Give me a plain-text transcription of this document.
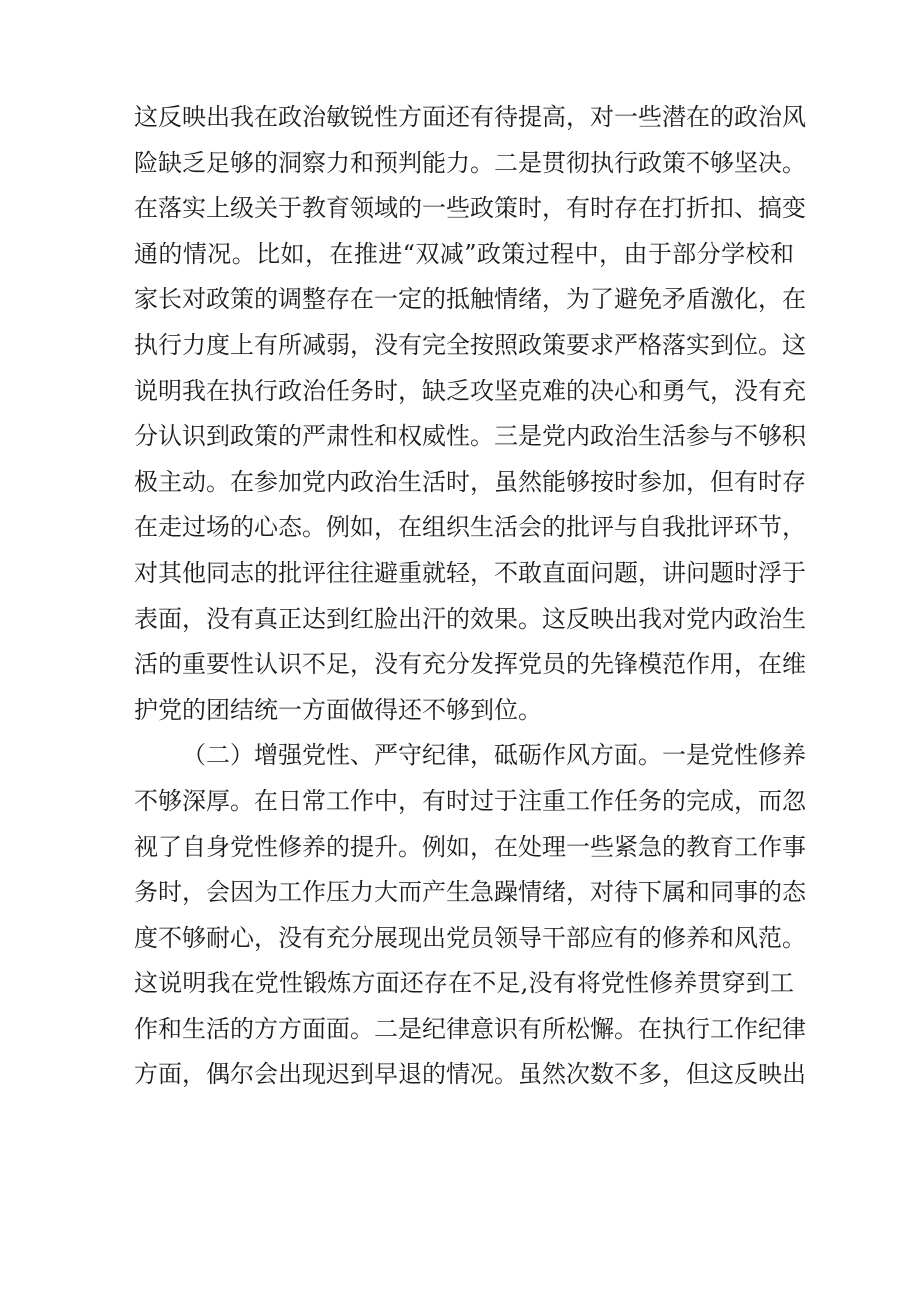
这反映出我在政治敏锐性方面还有待提高，对一些潜在的政治风
险缺乏足够的洞察力和预判能力。二是贯彻执行政策不够坚决。
在落实上级关于教育领域的一些政策时，有时存在打折扣、搞变
通的情况。比如，在推进“双减”政策过程中，由于部分学校和
家长对政策的调整存在一定的抵触情绪，为了避免矛盾激化，在
执行力度上有所减弱，没有完全按照政策要求严格落实到位。这
说明我在执行政治任务时，缺乏攻坚克难的决心和勇气，没有充
分认识到政策的严肃性和权威性。三是党内政治生活参与不够积
极主动。在参加党内政治生活时，虽然能够按时参加，但有时存
在走过场的心态。例如，在组织生活会的批评与自我批评环节，
对其他同志的批评往往避重就轻，不敢直面问题，讲问题时浮于
表面，没有真正达到红脸出汗的效果。这反映出我对党内政治生
活的重要性认识不足，没有充分发挥党员的先锋模范作用，在维
护党的团结统一方面做得还不够到位。
（二）增强党性、严守纪律，砥砺作风方面。一是党性修养
不够深厚。在日常工作中，有时过于注重工作任务的完成，而忽
视了自身党性修养的提升。例如，在处理一些紧急的教育工作事
务时，会因为工作压力大而产生急躁情绪，对待下属和同事的态
度不够耐心，没有充分展现出党员领导干部应有的修养和风范。
这说明我在党性锻炼方面还存在不足,没有将党性修养贯穿到工
作和生活的方方面面。二是纪律意识有所松懈。在执行工作纪律
方面，偶尔会出现迟到早退的情况。虽然次数不多，但这反映出
